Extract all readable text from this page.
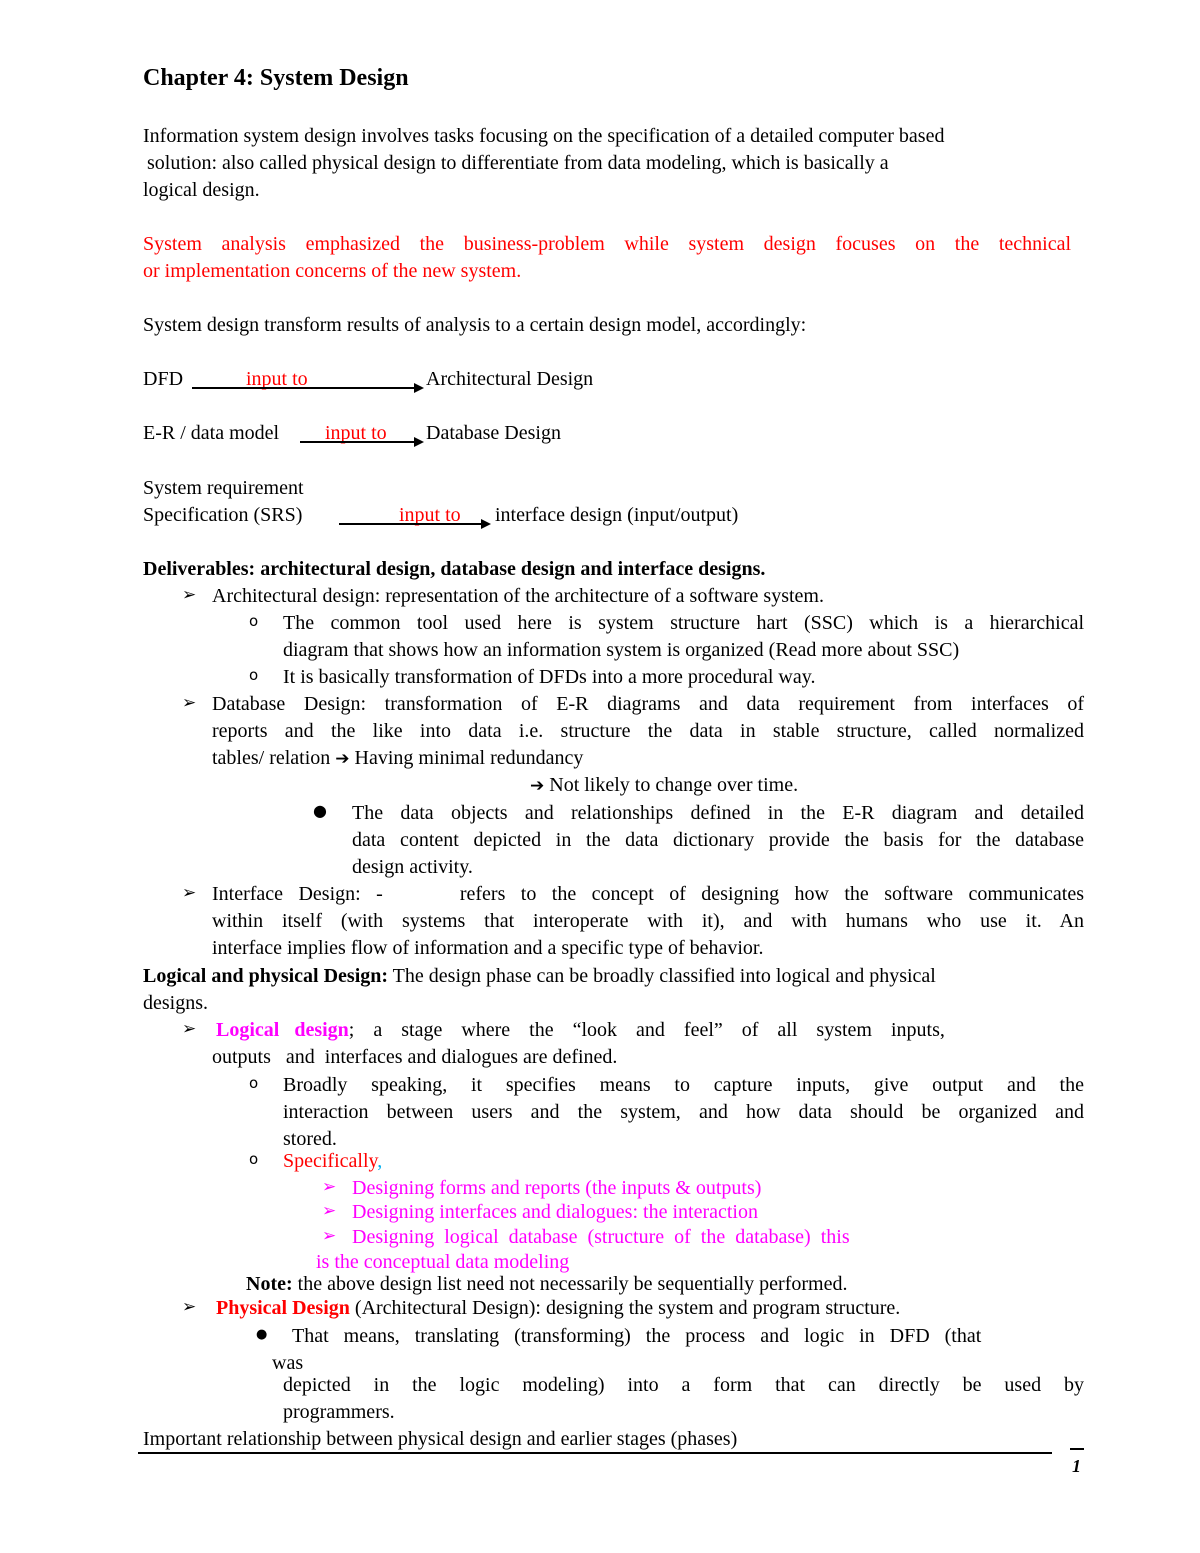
Chapter 4: System Design
Information system design involves tasks focusing on the specification of a detailed computer based
solution: also called physical design to differentiate from data modeling, which is basically a
logical design.
System analysis emphasized the business-problem while system design focuses on the technical
or implementation concerns of the new system.
System design transform results of analysis to a certain design model, accordingly:
DFD	input to	Architectural Design
E-R / data model input to Database Design
System requirement
Specification (SRS)	input to interface design (input/output)
Deliverables: architectural design, database design and interface designs.
➢ Architectural design: representation of the architecture of a software system.
o The common tool used here is system structure hart (SSC) which is a hierarchical
diagram that shows how an information system is organized (Read more about SSC)
o It is basically transformation of DFDs into a more procedural way.
➢ Database Design: transformation of E-R diagrams and data requirement from interfaces of
reports and the like into data i.e. structure the data in stable structure, called normalized
tables/ relation ➔ Having minimal redundancy
➔ Not likely to change over time.
● The data objects and relationships defined in the E-R diagram and detailed
data content depicted in the data dictionary provide the basis for the database
design activity.
➢ Interface Design: -     refers to the concept of designing how the software communicates
within itself (with systems that interoperate with it), and with humans who use it. An
interface implies flow of information and a specific type of behavior.
Logical and physical Design: The design phase can be broadly classified into logical and physical
designs.
➢ Logical   design; a stage where the “look and feel” of all system inputs,
outputs   and  interfaces and dialogues are defined.
o Broadly speaking, it specifies means to capture inputs, give output and the
interaction between users and the system, and how data should be organized and
stored.
o Specifically,
➢ Designing forms and reports (the inputs & outputs)
➢ Designing interfaces and dialogues: the interaction
➢ Designing  logical  database  (structure  of  the  database)  this
is the conceptual data modeling
Note: the above design list need not necessarily be sequentially performed.
➢ Physical Design (Architectural Design): designing the system and program structure.
● That   means,   translating   (transforming)   the   process   and   logic   in   DFD   (that
was
depicted in the logic modeling) into a form that can directly be used by
programmers.
Important relationship between physical design and earlier stages (phases)
1
